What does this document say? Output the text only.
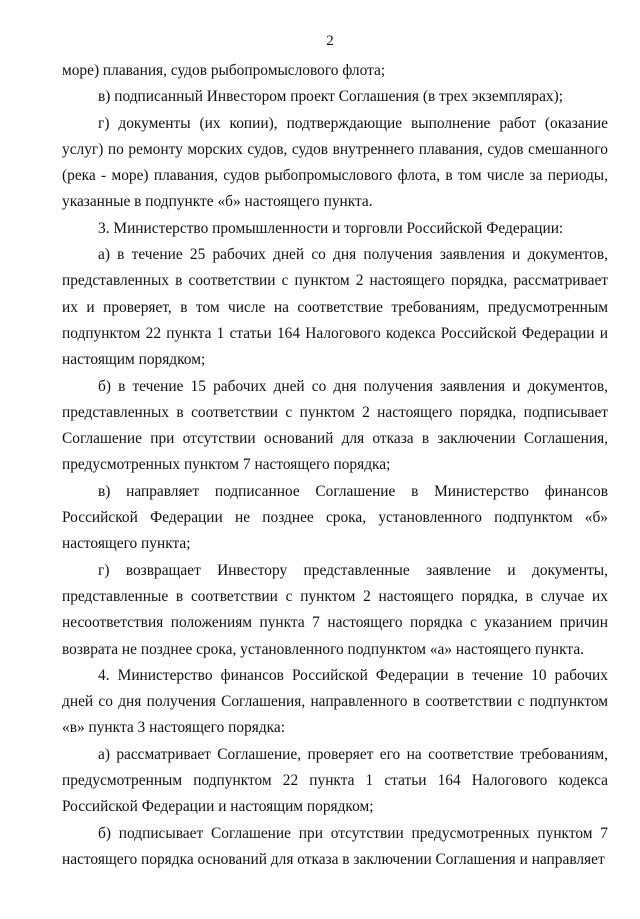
2

море) плавания, судов рыбопромыслового флота;

в) подписанный Инвестором проект Соглашения (в трех экземплярах);

г) документы (их копии), подтверждающие выполнение работ (оказание услуг) по ремонту морских судов, судов внутреннего плавания, судов смешанного (река - море) плавания, судов рыбопромыслового флота, в том числе за периоды, указанные в подпункте «б» настоящего пункта.

3. Министерство промышленности и торговли Российской Федерации:

а) в течение 25 рабочих дней со дня получения заявления и документов, представленных в соответствии с пунктом 2 настоящего порядка, рассматривает их и проверяет, в том числе на соответствие требованиям, предусмотренным подпунктом 22 пункта 1 статьи 164 Налогового кодекса Российской Федерации и настоящим порядком;

б) в течение 15 рабочих дней со дня получения заявления и документов, представленных в соответствии с пунктом 2 настоящего порядка, подписывает Соглашение при отсутствии оснований для отказа в заключении Соглашения, предусмотренных пунктом 7 настоящего порядка;

в) направляет подписанное Соглашение в Министерство финансов Российской Федерации не позднее срока, установленного подпунктом «б» настоящего пункта;

г) возвращает Инвестору представленные заявление и документы, представленные в соответствии с пунктом 2 настоящего порядка, в случае их несоответствия положениям пункта 7 настоящего порядка с указанием причин возврата не позднее срока, установленного подпунктом «а» настоящего пункта.

4. Министерство финансов Российской Федерации в течение 10 рабочих дней со дня получения Соглашения, направленного в соответствии с подпунктом «в» пункта 3 настоящего порядка:

а) рассматривает Соглашение, проверяет его на соответствие требованиям, предусмотренным подпунктом 22 пункта 1 статьи 164 Налогового кодекса Российской Федерации и настоящим порядком;

б) подписывает Соглашение при отсутствии предусмотренных пунктом 7 настоящего порядка оснований для отказа в заключении Соглашения и направляет
